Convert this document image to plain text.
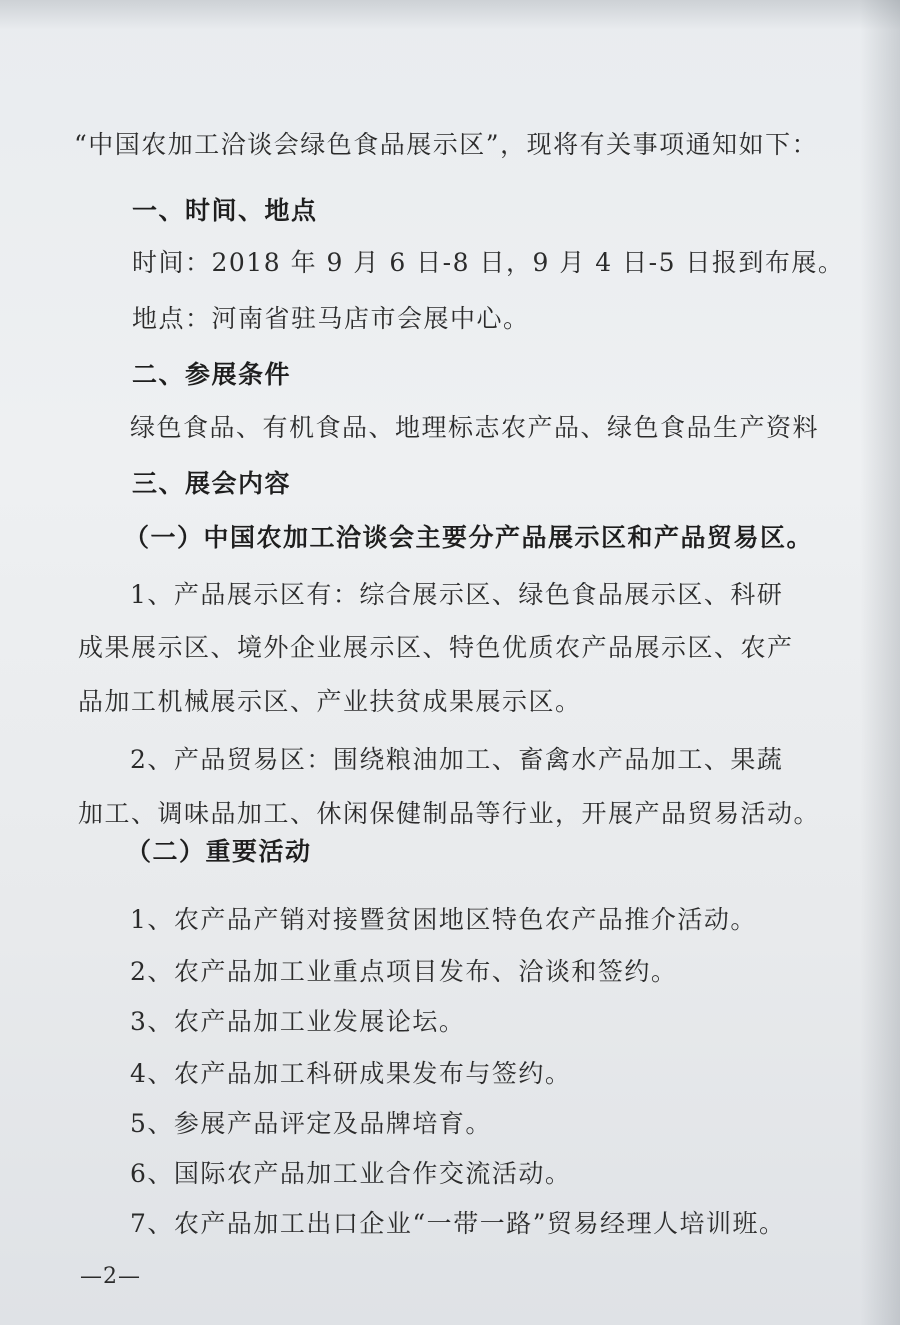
“中国农加工洽谈会绿色食品展示区”，现将有关事项通知如下：

一、时间、地点

时间：2018 年 9 月 6 日-8 日，9 月 4 日-5 日报到布展。

地点：河南省驻马店市会展中心。

二、参展条件

绿色食品、有机食品、地理标志农产品、绿色食品生产资料

三、展会内容

（一）中国农加工洽谈会主要分产品展示区和产品贸易区。

1、产品展示区有：综合展示区、绿色食品展示区、科研

成果展示区、境外企业展示区、特色优质农产品展示区、农产

品加工机械展示区、产业扶贫成果展示区。

2、产品贸易区：围绕粮油加工、畜禽水产品加工、果蔬

加工、调味品加工、休闲保健制品等行业，开展产品贸易活动。

（二）重要活动

1、农产品产销对接暨贫困地区特色农产品推介活动。

2、农产品加工业重点项目发布、洽谈和签约。

3、农产品加工业发展论坛。

4、农产品加工科研成果发布与签约。

5、参展产品评定及品牌培育。

6、国际农产品加工业合作交流活动。

7、农产品加工出口企业“一带一路”贸易经理人培训班。

—2—
